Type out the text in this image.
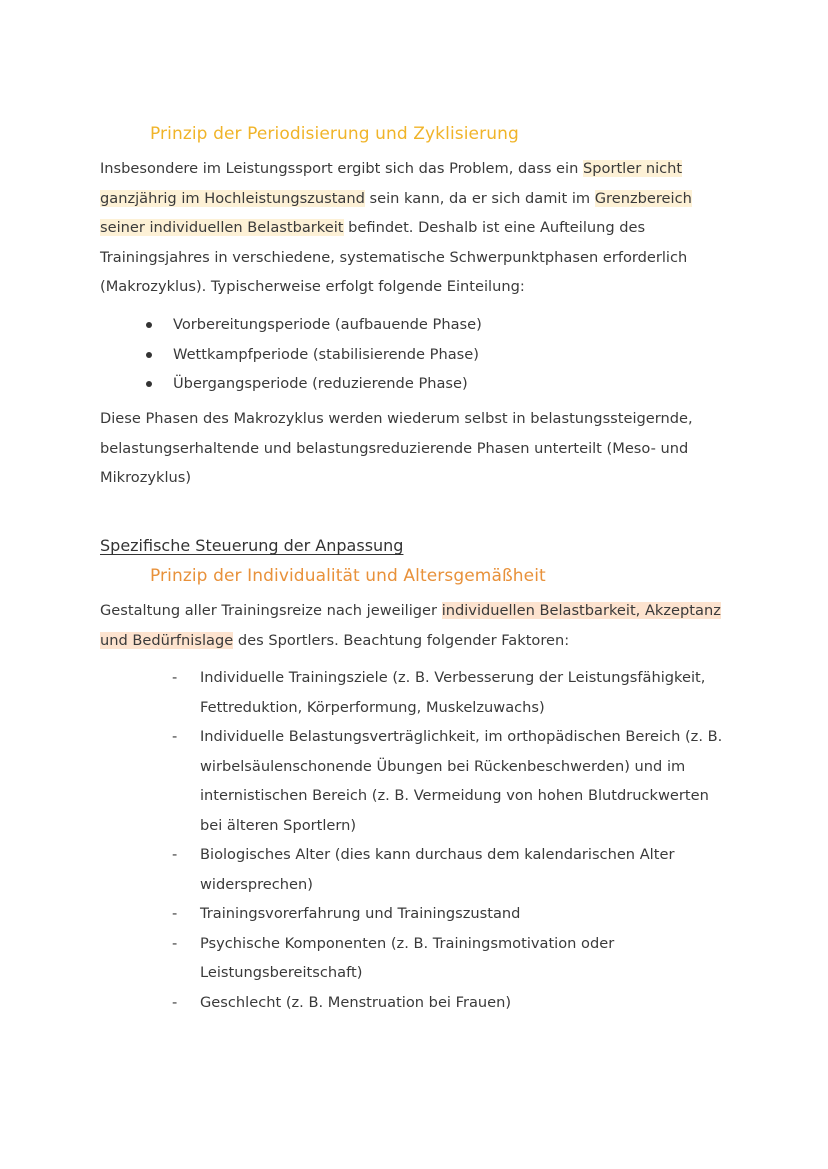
Prinzip der Periodisierung und Zyklisierung
Insbesondere im Leistungssport ergibt sich das Problem, dass ein Sportler nicht ganzjährig im Hochleistungszustand sein kann, da er sich damit im Grenzbereich seiner individuellen Belastbarkeit befindet. Deshalb ist eine Aufteilung des Trainingsjahres in verschiedene, systematische Schwerpunktphasen erforderlich (Makrozyklus). Typischerweise erfolgt folgende Einteilung:
Vorbereitungsperiode (aufbauende Phase)
Wettkampfperiode (stabilisierende Phase)
Übergangsperiode (reduzierende Phase)
Diese Phasen des Makrozyklus werden wiederum selbst in belastungssteigernde, belastungserhaltende und belastungsreduzierende Phasen unterteilt (Meso- und Mikrozyklus)
Spezifische Steuerung der Anpassung
Prinzip der Individualität und Altersgemäßheit
Gestaltung aller Trainingsreize nach jeweiliger individuellen Belastbarkeit, Akzeptanz und Bedürfnislage des Sportlers. Beachtung folgender Faktoren:
- Individuelle Trainingsziele (z. B. Verbesserung der Leistungsfähigkeit, Fettreduktion, Körperformung, Muskelzuwachs)
- Individuelle Belastungsverträglichkeit, im orthopädischen Bereich (z. B. wirbelsäulenschonende Übungen bei Rückenbeschwerden) und im internistischen Bereich (z. B. Vermeidung von hohen Blutdruckwerten bei älteren Sportlern)
- Biologisches Alter (dies kann durchaus dem kalendarischen Alter widersprechen)
- Trainingsvorerfahrung und Trainingszustand
- Psychische Komponenten (z. B. Trainingsmotivation oder Leistungsbereitschaft)
- Geschlecht (z. B. Menstruation bei Frauen)
